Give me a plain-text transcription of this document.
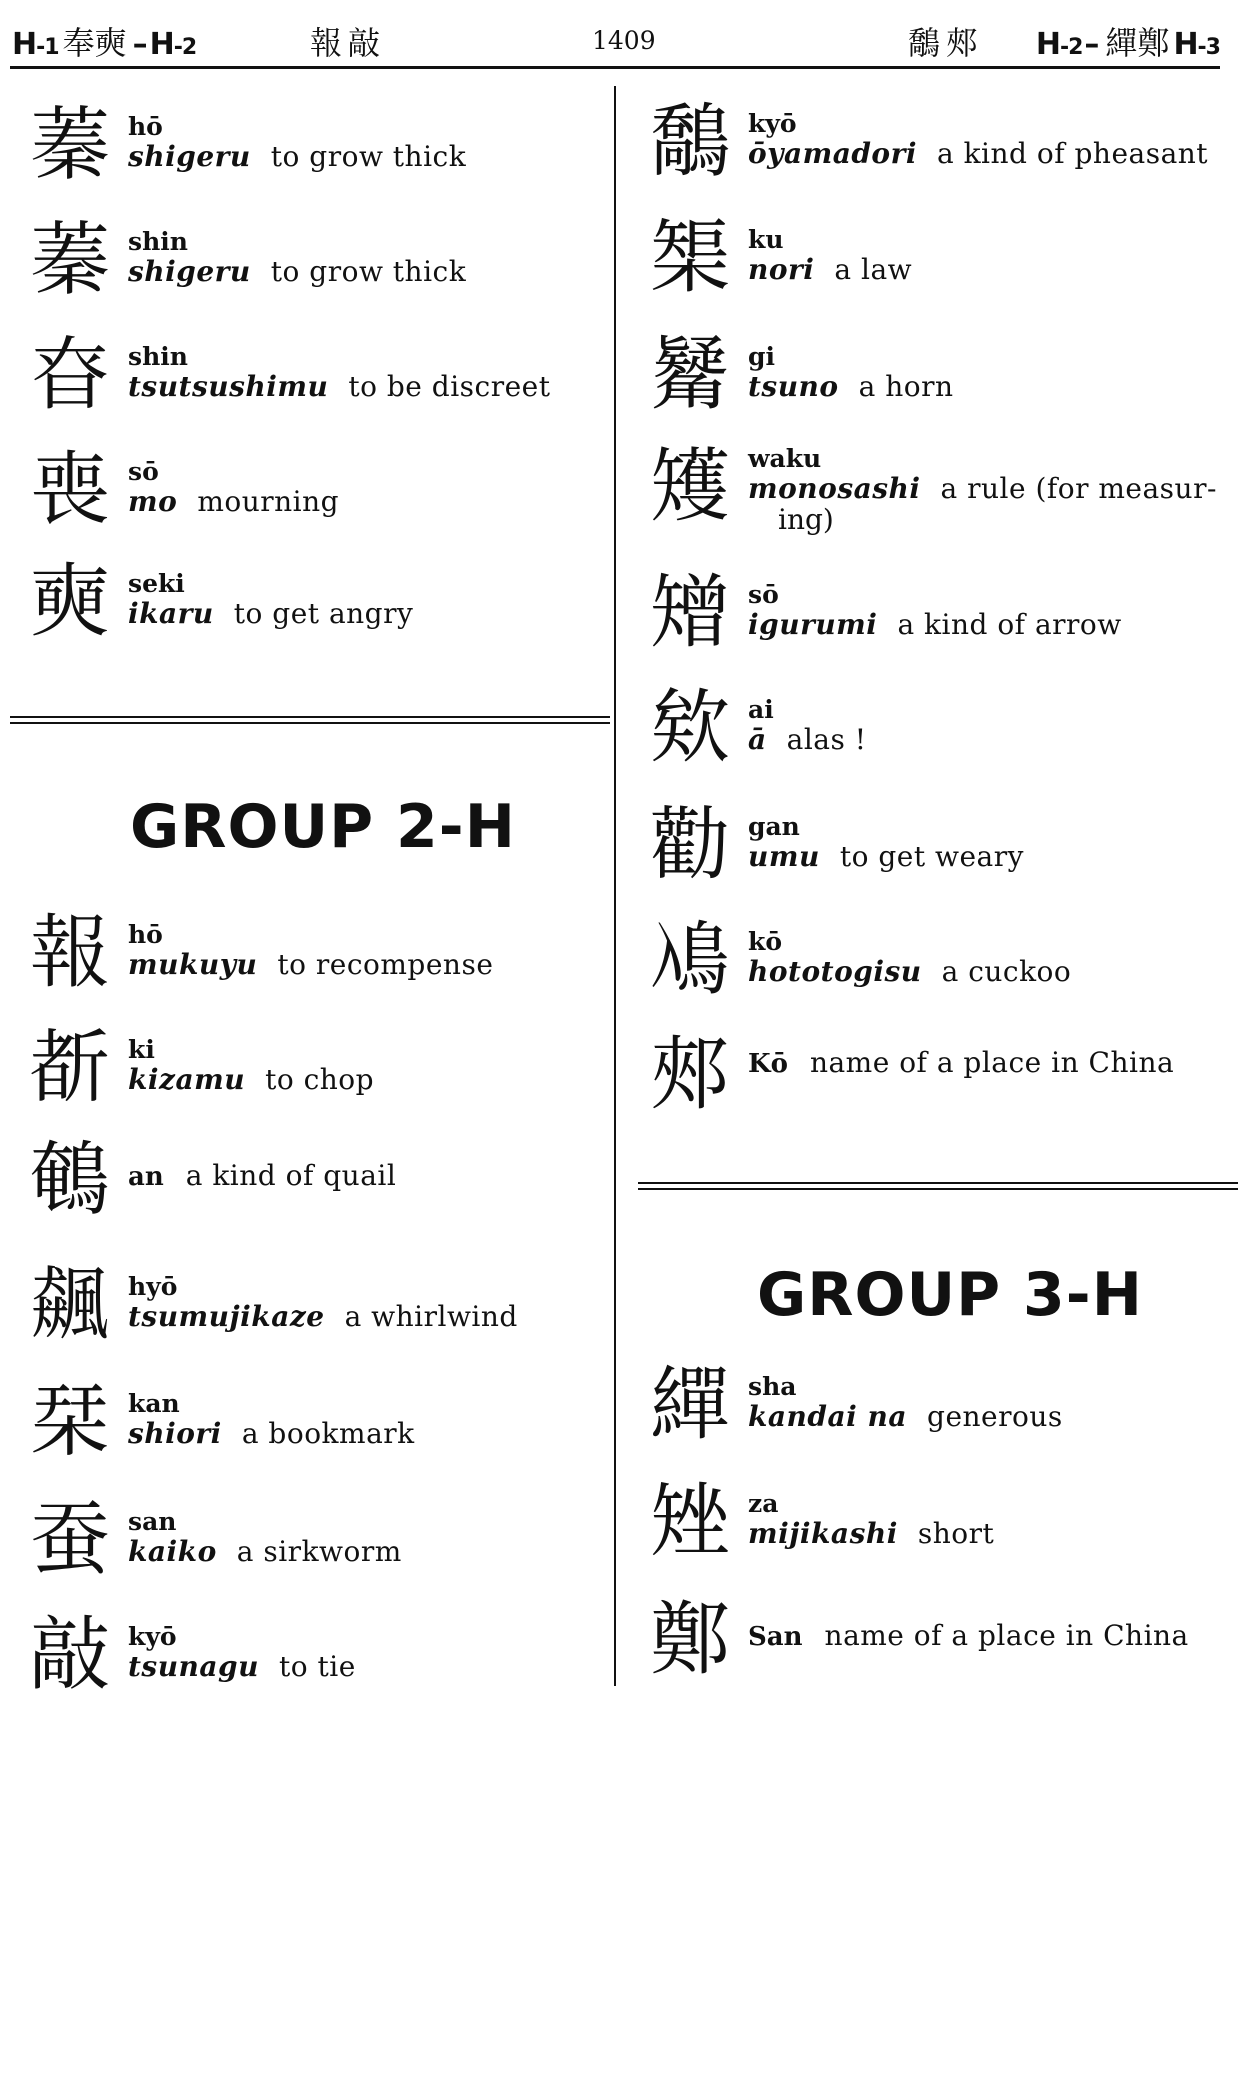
H-1 奉奭 – H-2	報敲	1409	鷮郟 H-2 – 繟鄭 H-3
蓁 hō
shigeru to grow thick
蓁 shin
shigeru to grow thick
昚 shin
tsutsushimu to be discreet
喪 sō
mo mourning
奭 seki
ikaru to get angry
GROUP 2-H
報 hō
mukuyu to recompense
斱 ki
kizamu to chop
鵪 an a kind of quail
飆 hyō
tsumujikaze a whirlwind
栞 kan
shiori a bookmark
蚕 san
kaiko a sirkworm
敲 kyō
tsunagu to tie
鷮 kyō
ōyamadori a kind of pheasant
榘 ku
nori a law
觺 gi
tsuno a horn
矱 waku
monosashi a rule (for measur-
ing)
矰 sō
igurumi a kind of arrow
欸 ai
ā alas !
勸 gan
umu to get weary
鳰 kō
hototogisu a cuckoo
郟 Kō name of a place in China
繟 sha
kandai na generous
矬 za
mijikashi short
鄭 San name of a place in China
GROUP 3-H
